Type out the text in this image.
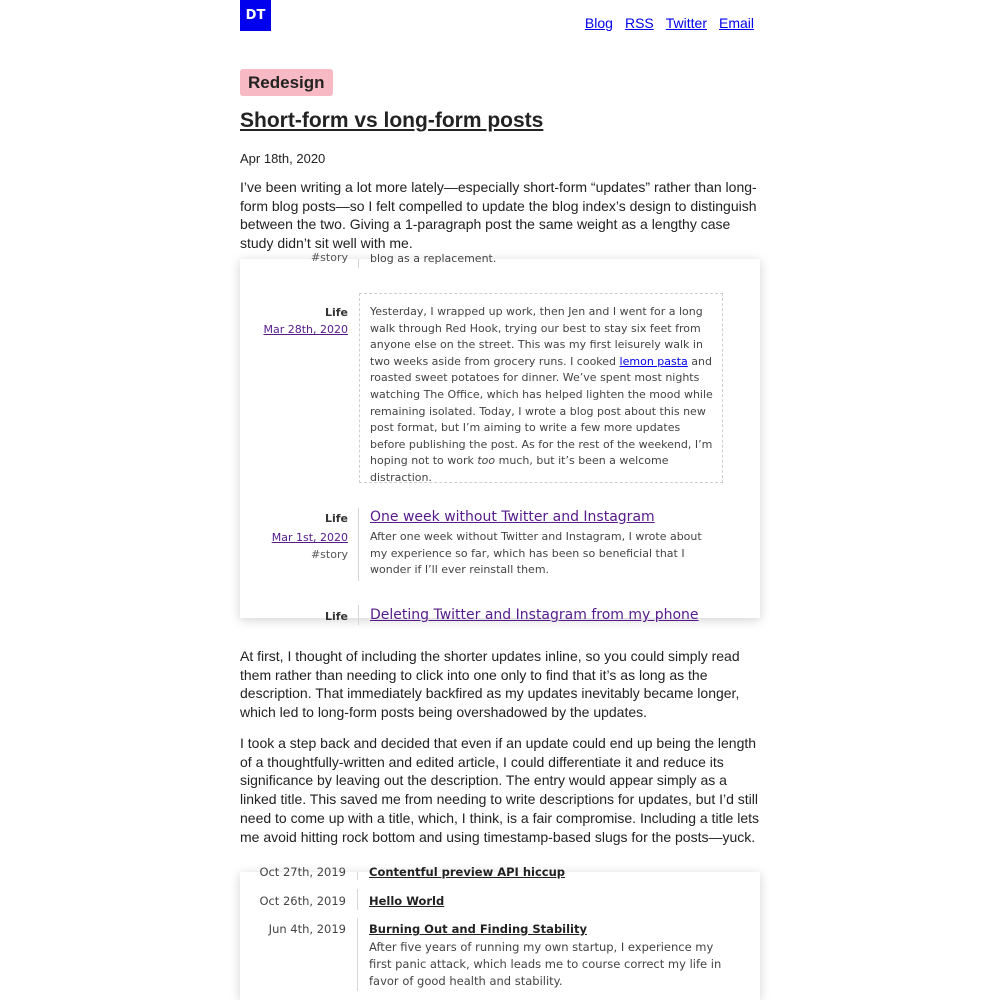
DT	Blog RSS Twitter Email
Redesign
Short-form vs long-form posts
Apr 18th, 2020

I’ve been writing a lot more lately—especially short-form “updates” rather than long-form blog posts—so I felt compelled to update the blog index’s design to distinguish between the two. Giving a 1-paragraph post the same weight as a lengthy case study didn’t sit well with me.

#story blog as a replacement.
Life
Mar 28th, 2020
Yesterday, I wrapped up work, then Jen and I went for a long walk through Red Hook, trying our best to stay six feet from anyone else on the street. This was my first leisurely walk in two weeks aside from grocery runs. I cooked lemon pasta and roasted sweet potatoes for dinner. We’ve spent most nights watching The Office, which has helped lighten the mood while remaining isolated. Today, I wrote a blog post about this new post format, but I’m aiming to write a few more updates before publishing the post. As for the rest of the weekend, I’m hoping not to work too much, but it’s been a welcome distraction.
Life
Mar 1st, 2020
#story
One week without Twitter and Instagram
After one week without Twitter and Instagram, I wrote about my experience so far, which has been so beneficial that I wonder if I’ll ever reinstall them.
Life Deleting Twitter and Instagram from my phone

At first, I thought of including the shorter updates inline, so you could simply read them rather than needing to click into one only to find that it’s as long as the description. That immediately backfired as my updates inevitably became longer, which led to long-form posts being overshadowed by the updates.

I took a step back and decided that even if an update could end up being the length of a thoughtfully-written and edited article, I could differentiate it and reduce its significance by leaving out the description. The entry would appear simply as a linked title. This saved me from needing to write descriptions for updates, but I’d still need to come up with a title, which, I think, is a fair compromise. Including a title lets me avoid hitting rock bottom and using timestamp-based slugs for the posts—yuck.

Oct 27th, 2019 Contentful preview API hiccup
Oct 26th, 2019 Hello World
Jun 4th, 2019 Burning Out and Finding Stability
After five years of running my own startup, I experience my first panic attack, which leads me to course correct my life in favor of good health and stability.
